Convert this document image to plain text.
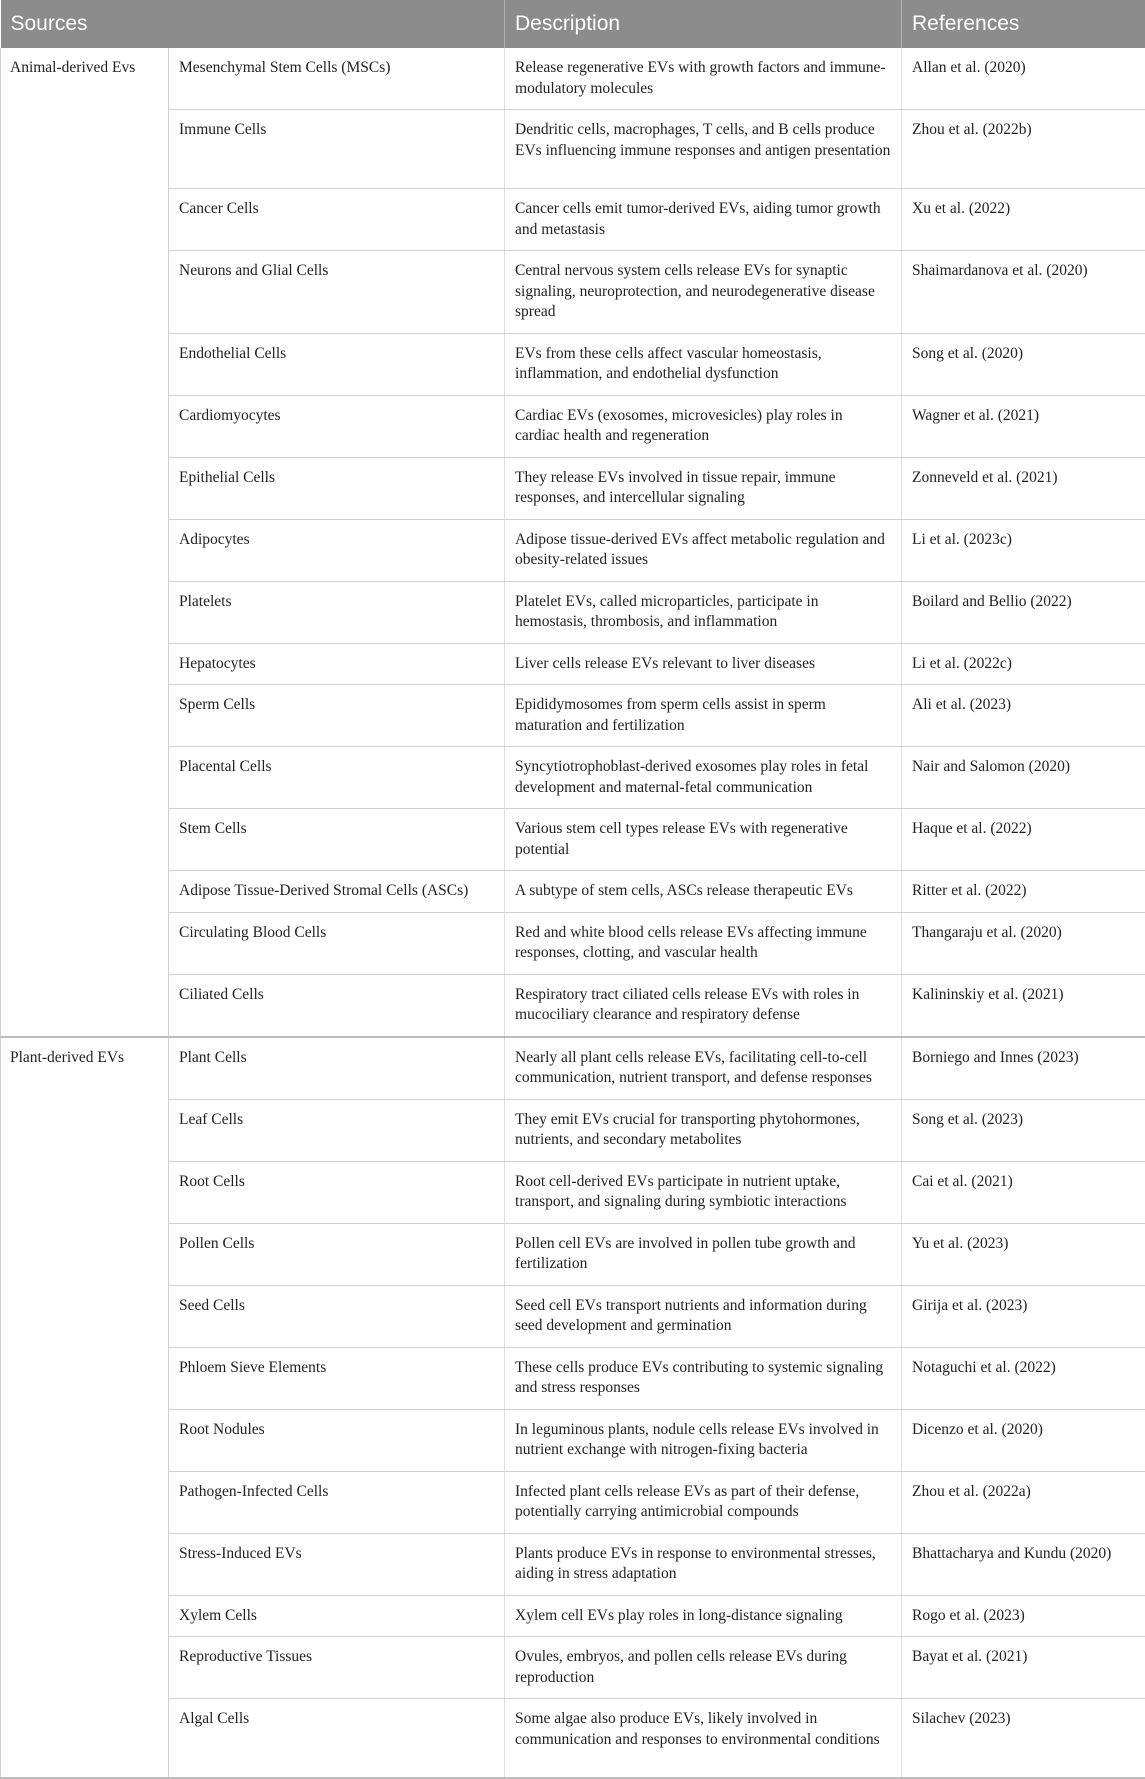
Sources		Description	References
Animal-derived Evs	Mesenchymal Stem Cells (MSCs)	Release regenerative EVs with growth factors and immune-modulatory molecules	Allan et al. (2020)
	Immune Cells	Dendritic cells, macrophages, T cells, and B cells produce EVs influencing immune responses and antigen presentation	Zhou et al. (2022b)
	Cancer Cells	Cancer cells emit tumor-derived EVs, aiding tumor growth and metastasis	Xu et al. (2022)
	Neurons and Glial Cells	Central nervous system cells release EVs for synaptic signaling, neuroprotection, and neurodegenerative disease spread	Shaimardanova et al. (2020)
	Endothelial Cells	EVs from these cells affect vascular homeostasis, inflammation, and endothelial dysfunction	Song et al. (2020)
	Cardiomyocytes	Cardiac EVs (exosomes, microvesicles) play roles in cardiac health and regeneration	Wagner et al. (2021)
	Epithelial Cells	They release EVs involved in tissue repair, immune responses, and intercellular signaling	Zonneveld et al. (2021)
	Adipocytes	Adipose tissue-derived EVs affect metabolic regulation and obesity-related issues	Li et al. (2023c)
	Platelets	Platelet EVs, called microparticles, participate in hemostasis, thrombosis, and inflammation	Boilard and Bellio (2022)
	Hepatocytes	Liver cells release EVs relevant to liver diseases	Li et al. (2022c)
	Sperm Cells	Epididymosomes from sperm cells assist in sperm maturation and fertilization	Ali et al. (2023)
	Placental Cells	Syncytiotrophoblast-derived exosomes play roles in fetal development and maternal-fetal communication	Nair and Salomon (2020)
	Stem Cells	Various stem cell types release EVs with regenerative potential	Haque et al. (2022)
	Adipose Tissue-Derived Stromal Cells (ASCs)	A subtype of stem cells, ASCs release therapeutic EVs	Ritter et al. (2022)
	Circulating Blood Cells	Red and white blood cells release EVs affecting immune responses, clotting, and vascular health	Thangaraju et al. (2020)
	Ciliated Cells	Respiratory tract ciliated cells release EVs with roles in mucociliary clearance and respiratory defense	Kalininskiy et al. (2021)
Plant-derived EVs	Plant Cells	Nearly all plant cells release EVs, facilitating cell-to-cell communication, nutrient transport, and defense responses	Borniego and Innes (2023)
	Leaf Cells	They emit EVs crucial for transporting phytohormones, nutrients, and secondary metabolites	Song et al. (2023)
	Root Cells	Root cell-derived EVs participate in nutrient uptake, transport, and signaling during symbiotic interactions	Cai et al. (2021)
	Pollen Cells	Pollen cell EVs are involved in pollen tube growth and fertilization	Yu et al. (2023)
	Seed Cells	Seed cell EVs transport nutrients and information during seed development and germination	Girija et al. (2023)
	Phloem Sieve Elements	These cells produce EVs contributing to systemic signaling and stress responses	Notaguchi et al. (2022)
	Root Nodules	In leguminous plants, nodule cells release EVs involved in nutrient exchange with nitrogen-fixing bacteria	Dicenzo et al. (2020)
	Pathogen-Infected Cells	Infected plant cells release EVs as part of their defense, potentially carrying antimicrobial compounds	Zhou et al. (2022a)
	Stress-Induced EVs	Plants produce EVs in response to environmental stresses, aiding in stress adaptation	Bhattacharya and Kundu (2020)
	Xylem Cells	Xylem cell EVs play roles in long-distance signaling	Rogo et al. (2023)
	Reproductive Tissues	Ovules, embryos, and pollen cells release EVs during reproduction	Bayat et al. (2021)
	Algal Cells	Some algae also produce EVs, likely involved in communication and responses to environmental conditions	Silachev (2023)
